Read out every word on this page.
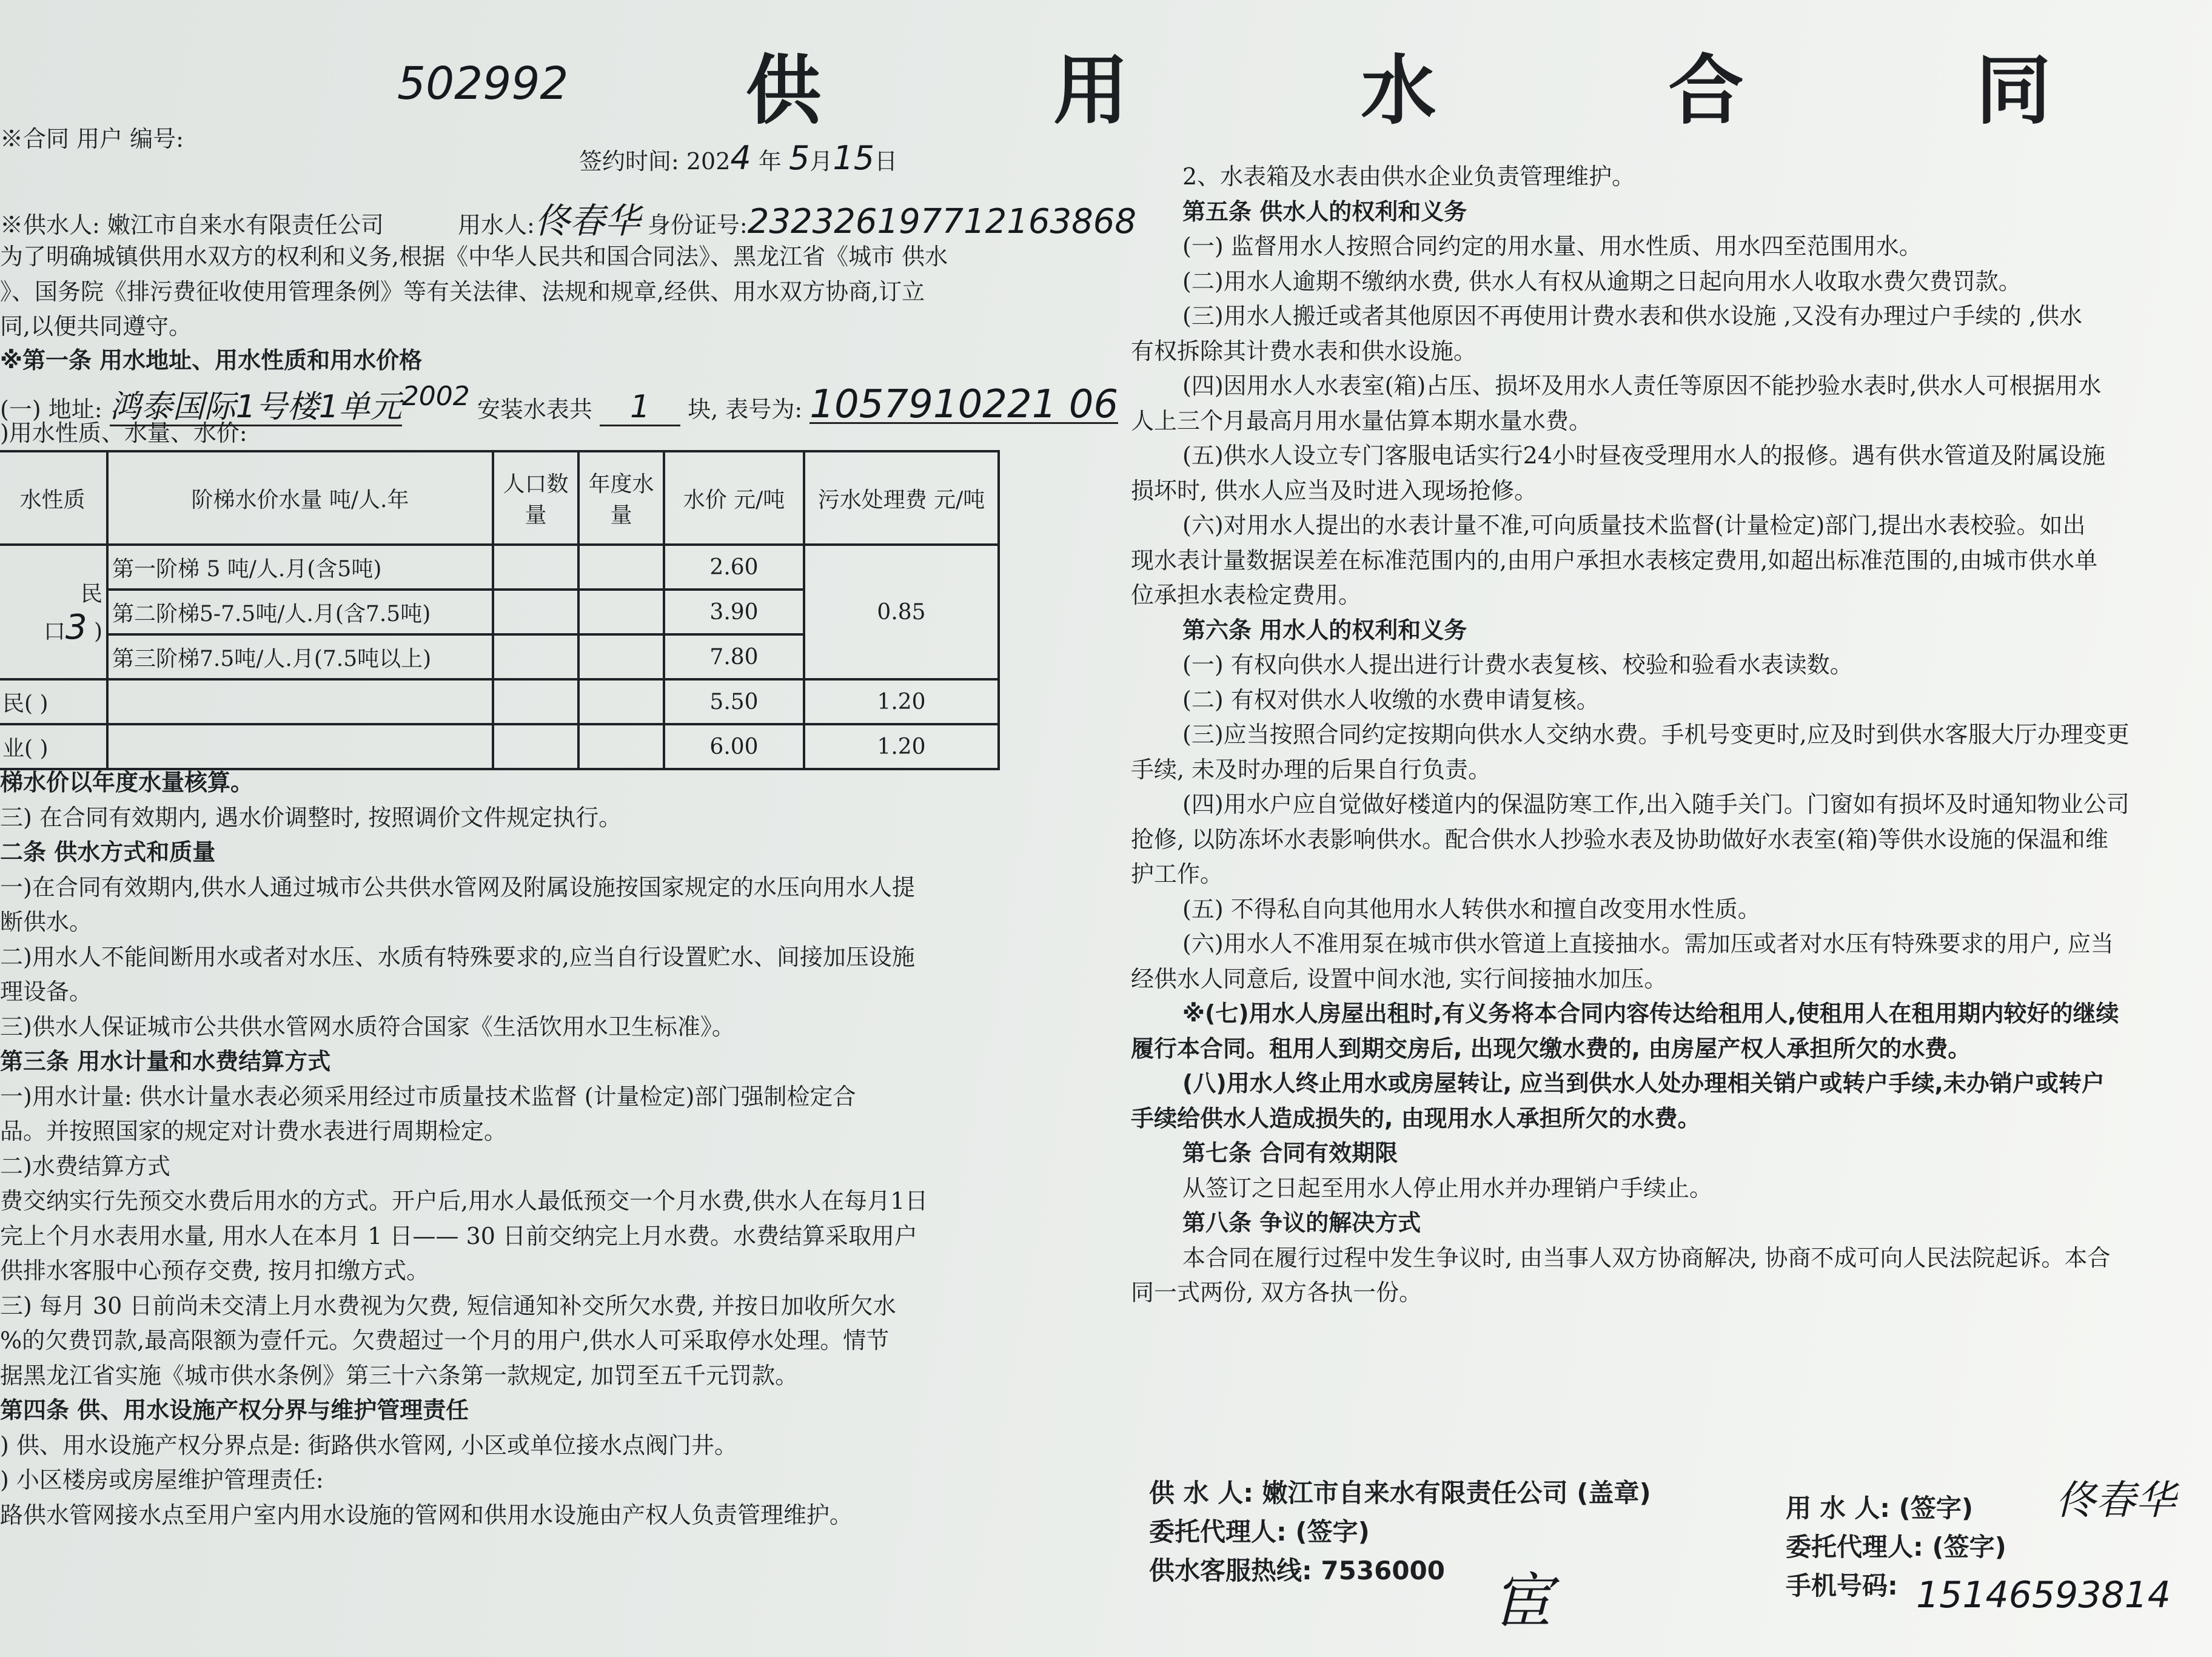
502992 供 用 水 合 同
※合同 用户 编号:
签约时间: 2024 年 5月15日
※供水人: 嫩江市自来水有限责任公司	用水人:佟春华 身份证号:232326197712163868
为了明确城镇供用水双方的权利和义务,根据《中华人民共和国合同法》、黑龙江省《城市 供水
》、国务院《排污费征收使用管理条例》等有关法律、法规和规章,经供、用水双方协商,订立
同,以便共同遵守。
※第一条 用水地址、用水性质和用水价格
(一) 地址: 鸿泰国际1号楼1单元2002 安装水表共 1 块, 表号为: 1057910221 06
)用水性质、水量、水价:
水性质	阶梯水价水量 吨/人.年	人口数量	年度水量	水价 元/吨	污水处理费 元/吨

民
口3 )	第一阶梯 5 吨/人.月(含5吨)			2.60	0.85
	第二阶梯5-7.5吨/人.月(含7.5吨)			3.90	
	第三阶梯7.5吨/人.月(7.5吨以上)			7.80	
民( )				5.50	1.20
业( )				6.00	1.20
梯水价以年度水量核算。
三) 在合同有效期内, 遇水价调整时, 按照调价文件规定执行。
二条 供水方式和质量
一)在合同有效期内,供水人通过城市公共供水管网及附属设施按国家规定的水压向用水人提
断供水。
二)用水人不能间断用水或者对水压、水质有特殊要求的,应当自行设置贮水、间接加压设施
理设备。
三)供水人保证城市公共供水管网水质符合国家《生活饮用水卫生标准》。
第三条 用水计量和水费结算方式
一)用水计量: 供水计量水表必须采用经过市质量技术监督 (计量检定)部门强制检定合
品。并按照国家的规定对计费水表进行周期检定。
二)水费结算方式
费交纳实行先预交水费后用水的方式。开户后,用水人最低预交一个月水费,供水人在每月1日
完上个月水表用水量, 用水人在本月 1 日—— 30 日前交纳完上月水费。水费结算采取用户
供排水客服中心预存交费, 按月扣缴方式。
三) 每月 30 日前尚未交清上月水费视为欠费, 短信通知补交所欠水费, 并按日加收所欠水
%的欠费罚款,最高限额为壹仟元。欠费超过一个月的用户,供水人可采取停水处理。情节
据黑龙江省实施《城市供水条例》第三十六条第一款规定, 加罚至五千元罚款。
第四条 供、用水设施产权分界与维护管理责任
) 供、用水设施产权分界点是: 街路供水管网, 小区或单位接水点阀门井。
) 小区楼房或房屋维护管理责任:
路供水管网接水点至用户室内用水设施的管网和供用水设施由产权人负责管理维护。
2、水表箱及水表由供水企业负责管理维护。
第五条 供水人的权利和义务
(一) 监督用水人按照合同约定的用水量、用水性质、用水四至范围用水。
(二)用水人逾期不缴纳水费, 供水人有权从逾期之日起向用水人收取水费欠费罚款。
(三)用水人搬迁或者其他原因不再使用计费水表和供水设施 ,又没有办理过户手续的 ,供水
有权拆除其计费水表和供水设施。
(四)因用水人水表室(箱)占压、损坏及用水人责任等原因不能抄验水表时,供水人可根据用水
人上三个月最高月用水量估算本期水量水费。
(五)供水人设立专门客服电话实行24小时昼夜受理用水人的报修。遇有供水管道及附属设施
损坏时, 供水人应当及时进入现场抢修。
(六)对用水人提出的水表计量不准,可向质量技术监督(计量检定)部门,提出水表校验。如出
现水表计量数据误差在标准范围内的,由用户承担水表核定费用,如超出标准范围的,由城市供水单
位承担水表检定费用。
第六条 用水人的权利和义务
(一) 有权向供水人提出进行计费水表复核、校验和验看水表读数。
(二) 有权对供水人收缴的水费申请复核。
(三)应当按照合同约定按期向供水人交纳水费。手机号变更时,应及时到供水客服大厅办理变更
手续, 未及时办理的后果自行负责。
(四)用水户应自觉做好楼道内的保温防寒工作,出入随手关门。门窗如有损坏及时通知物业公司
抢修, 以防冻坏水表影响供水。配合供水人抄验水表及协助做好水表室(箱)等供水设施的保温和维
护工作。
(五) 不得私自向其他用水人转供水和擅自改变用水性质。
(六)用水人不准用泵在城市供水管道上直接抽水。需加压或者对水压有特殊要求的用户, 应当
经供水人同意后, 设置中间水池, 实行间接抽水加压。
※(七)用水人房屋出租时,有义务将本合同内容传达给租用人,使租用人在租用期内较好的继续
履行本合同。租用人到期交房后, 出现欠缴水费的, 由房屋产权人承担所欠的水费。
(八)用水人终止用水或房屋转让, 应当到供水人处办理相关销户或转户手续,未办销户或转户
手续给供水人造成损失的, 由现用水人承担所欠的水费。
第七条 合同有效期限
从签订之日起至用水人停止用水并办理销户手续止。
第八条 争议的解决方式
本合同在履行过程中发生争议时, 由当事人双方协商解决, 协商不成可向人民法院起诉。本合
同一式两份, 双方各执一份。
供 水 人: 嫩江市自来水有限责任公司 (盖章)
委托代理人: (签字)
供水客服热线: 7536000 宦
用 水 人: (签字)
委托代理人: (签字)
手机号码:
佟春华
15146593814
